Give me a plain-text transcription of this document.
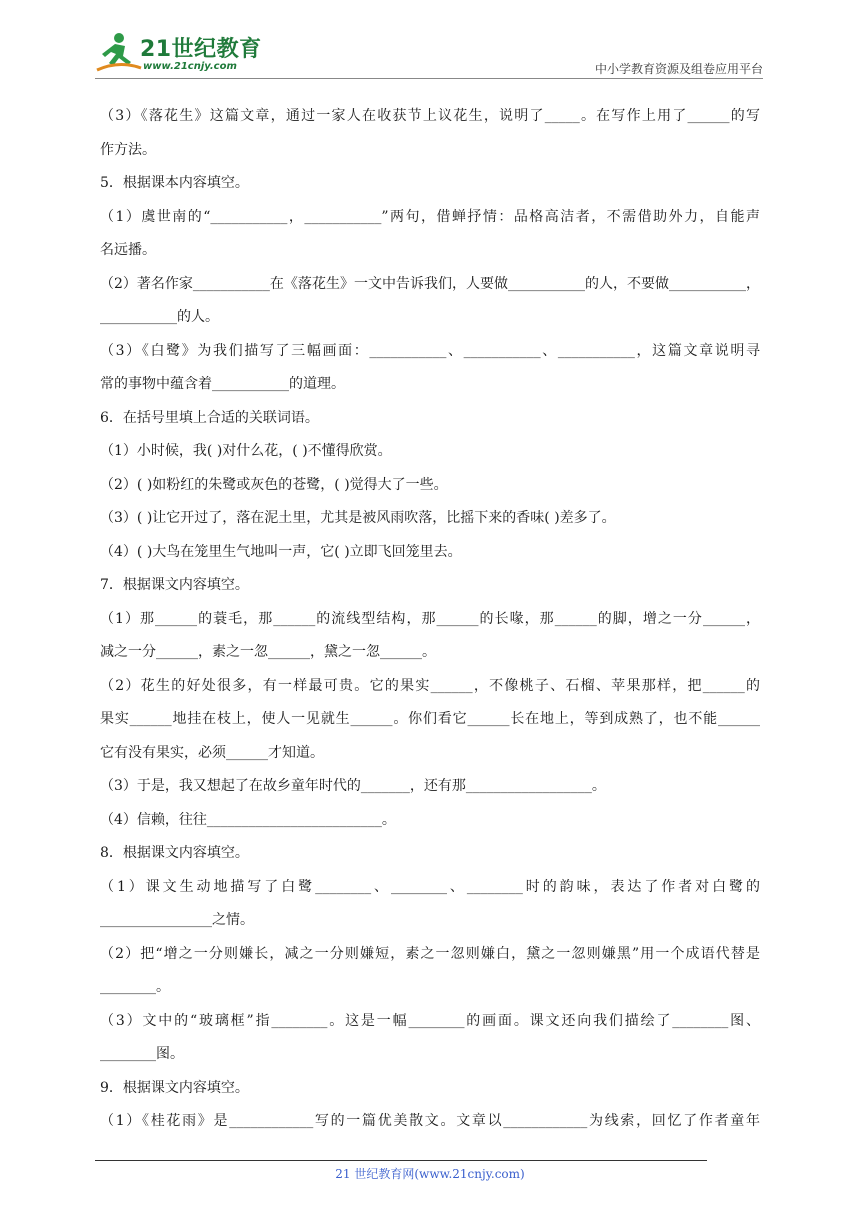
21世纪教育
www.21cnjy.com	中小学教育资源及组卷应用平台
（3）《落花生》这篇文章，通过一家人在收获节上议花生，说明了_____。在写作上用了______的写
作方法。
5．根据课本内容填空。
（1）虞世南的“___________，___________”两句，借蝉抒情：品格高洁者，不需借助外力，自能声
名远播。
（2）著名作家___________在《落花生》一文中告诉我们，人要做___________的人，不要做___________，
___________的人。
（3）《白鹭》为我们描写了三幅画面：___________、___________、___________，这篇文章说明寻
常的事物中蕴含着___________的道理。
6．在括号里填上合适的关联词语。
（1）小时候，我( )对什么花，( )不懂得欣赏。
（2）( )如粉红的朱鹭或灰色的苍鹭，( )觉得大了一些。
（3）( )让它开过了，落在泥土里，尤其是被风雨吹落，比摇下来的香味( )差多了。
（4）( )大鸟在笼里生气地叫一声，它( )立即飞回笼里去。
7．根据课文内容填空。
（1）那______的蓑毛，那______的流线型结构，那______的长喙，那______的脚，增之一分______，
减之一分______，素之一忽______，黛之一忽______。
（2）花生的好处很多，有一样最可贵。它的果实______，不像桃子、石榴、苹果那样，把______的
果实______地挂在枝上，使人一见就生______。你们看它______长在地上，等到成熟了，也不能______
它有没有果实，必须______才知道。
（3）于是，我又想起了在故乡童年时代的_______，还有那__________________。
（4）信赖，往往_________________________。
8．根据课文内容填空。
（1）课文生动地描写了白鹭________、________、________时的韵味，表达了作者对白鹭的
________________之情。
（2）把“增之一分则嫌长，减之一分则嫌短，素之一忽则嫌白，黛之一忽则嫌黑”用一个成语代替是
________。
（3）文中的“玻璃框”指________。这是一幅________的画面。课文还向我们描绘了________图、
________图。
9．根据课文内容填空。
（1）《桂花雨》是____________写的一篇优美散文。文章以____________为线索，回忆了作者童年
21 世纪教育网(www.21cnjy.com)
